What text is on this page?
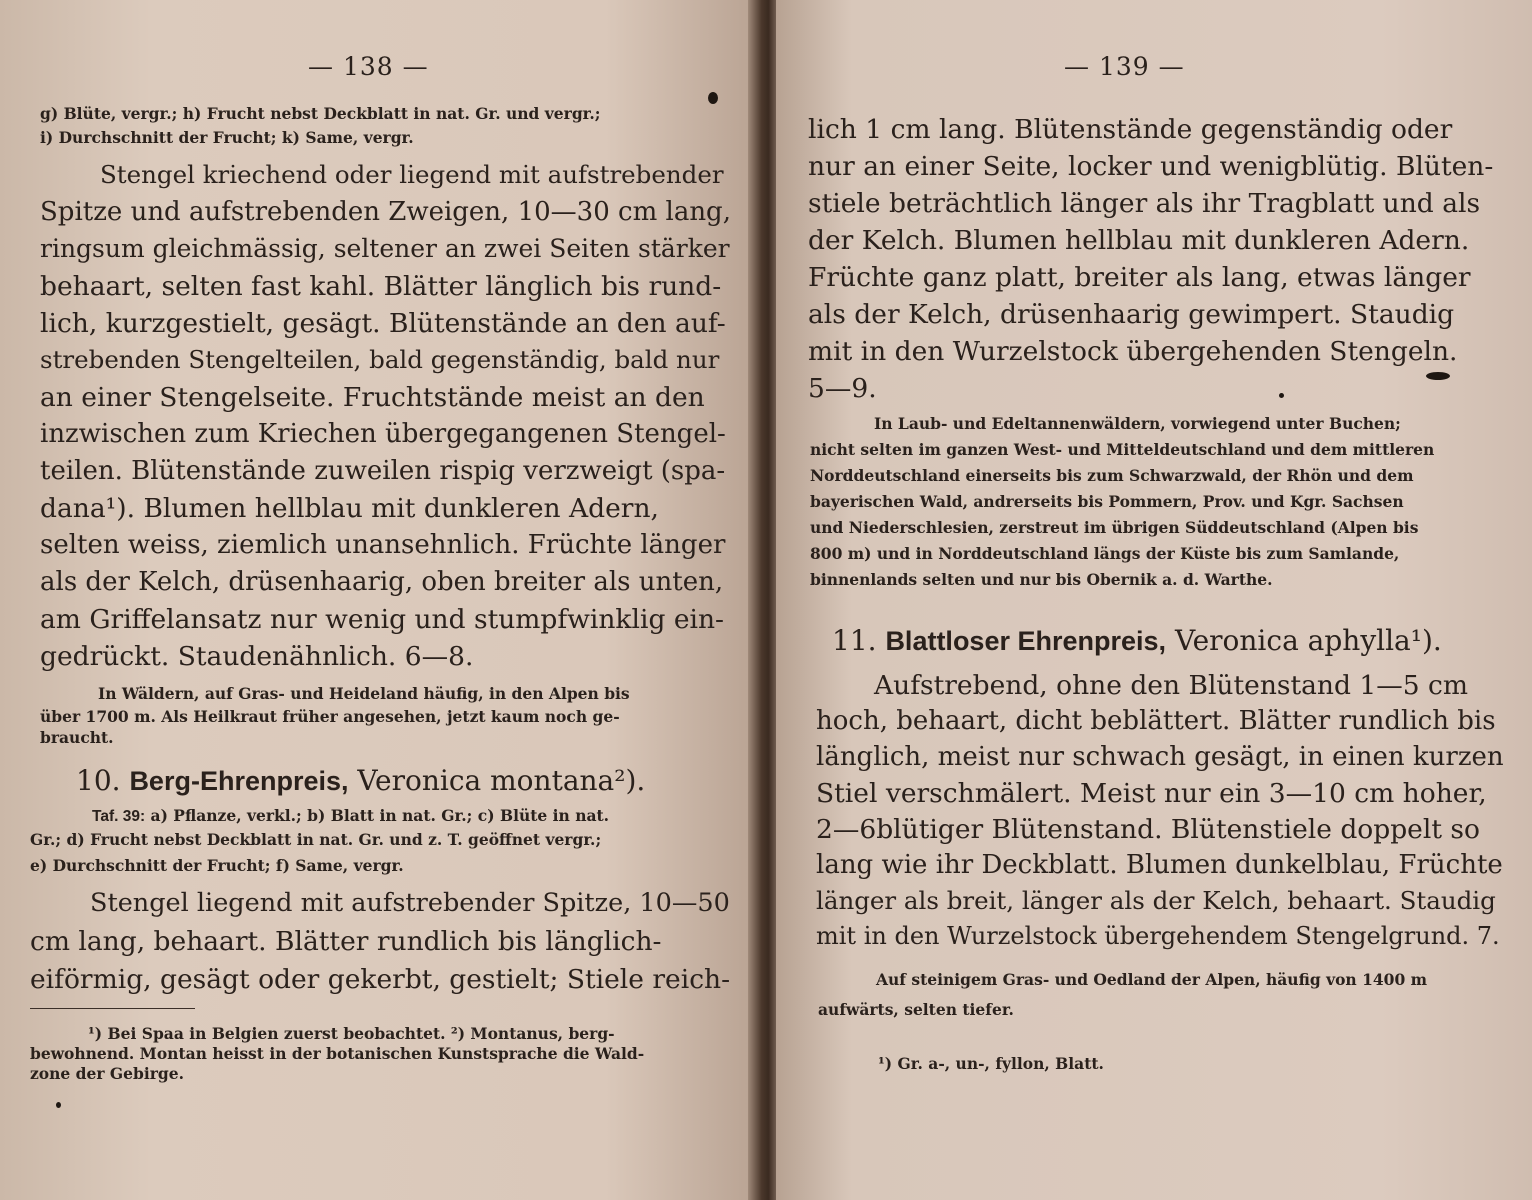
— 138 —
g) Blüte, vergr.; h) Frucht nebst Deckblatt in nat. Gr. und vergr.;
i) Durchschnitt der Frucht; k) Same, vergr.
Stengel kriechend oder liegend mit aufstrebender
Spitze und aufstrebenden Zweigen, 10—30 cm lang,
ringsum gleichmässig, seltener an zwei Seiten stärker
behaart, selten fast kahl. Blätter länglich bis rund-
lich, kurzgestielt, gesägt. Blütenstände an den auf-
strebenden Stengelteilen, bald gegenständig, bald nur
an einer Stengelseite. Fruchtstände meist an den
inzwischen zum Kriechen übergegangenen Stengel-
teilen. Blütenstände zuweilen rispig verzweigt (spa-
dana¹). Blumen hellblau mit dunkleren Adern,
selten weiss, ziemlich unansehnlich. Früchte länger
als der Kelch, drüsenhaarig, oben breiter als unten,
am Griffelansatz nur wenig und stumpfwinklig ein-
gedrückt. Staudenähnlich. 6—8.
In Wäldern, auf Gras- und Heideland häufig, in den Alpen bis
über 1700 m. Als Heilkraut früher angesehen, jetzt kaum noch ge-
braucht.
10. Berg-Ehrenpreis, Veronica montana²).
Taf. 39: a) Pflanze, verkl.; b) Blatt in nat. Gr.; c) Blüte in nat.
Gr.; d) Frucht nebst Deckblatt in nat. Gr. und z. T. geöffnet vergr.;
e) Durchschnitt der Frucht; f) Same, vergr.
Stengel liegend mit aufstrebender Spitze, 10—50
cm lang, behaart. Blätter rundlich bis länglich-
eiförmig, gesägt oder gekerbt, gestielt; Stiele reich-
¹) Bei Spaa in Belgien zuerst beobachtet. ²) Montanus, berg-
bewohnend. Montan heisst in der botanischen Kunstsprache die Wald-
zone der Gebirge.
— 139 —
lich 1 cm lang. Blütenstände gegenständig oder
nur an einer Seite, locker und wenigblütig. Blüten-
stiele beträchtlich länger als ihr Tragblatt und als
der Kelch. Blumen hellblau mit dunkleren Adern.
Früchte ganz platt, breiter als lang, etwas länger
als der Kelch, drüsenhaarig gewimpert. Staudig
mit in den Wurzelstock übergehenden Stengeln.
5—9.
In Laub- und Edeltannenwäldern, vorwiegend unter Buchen;
nicht selten im ganzen West- und Mitteldeutschland und dem mittleren
Norddeutschland einerseits bis zum Schwarzwald, der Rhön und dem
bayerischen Wald, andrerseits bis Pommern, Prov. und Kgr. Sachsen
und Niederschlesien, zerstreut im übrigen Süddeutschland (Alpen bis
800 m) und in Norddeutschland längs der Küste bis zum Samlande,
binnenlands selten und nur bis Obernik a. d. Warthe.
11. Blattloser Ehrenpreis, Veronica aphylla¹).
Aufstrebend, ohne den Blütenstand 1—5 cm
hoch, behaart, dicht beblättert. Blätter rundlich bis
länglich, meist nur schwach gesägt, in einen kurzen
Stiel verschmälert. Meist nur ein 3—10 cm hoher,
2—6blütiger Blütenstand. Blütenstiele doppelt so
lang wie ihr Deckblatt. Blumen dunkelblau, Früchte
länger als breit, länger als der Kelch, behaart. Staudig
mit in den Wurzelstock übergehendem Stengelgrund. 7.
Auf steinigem Gras- und Oedland der Alpen, häufig von 1400 m
aufwärts, selten tiefer.
¹) Gr. a-, un-, fyllon, Blatt.
